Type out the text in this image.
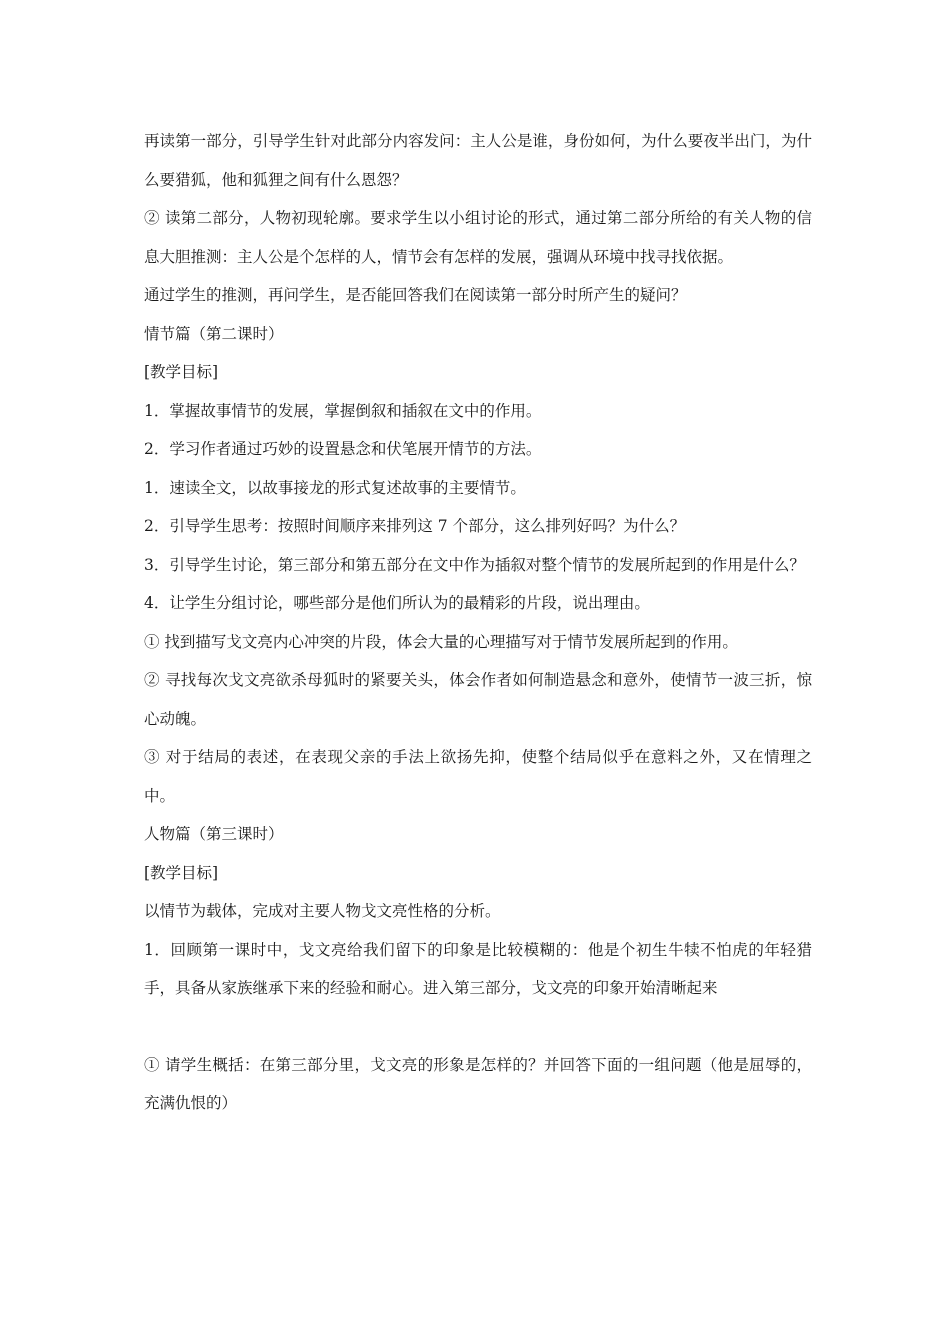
再读第一部分，引导学生针对此部分内容发问：主人公是谁，身份如何，为什么要夜半出门，为什么要猎狐，他和狐狸之间有什么恩怨？

② 读第二部分，人物初现轮廓。要求学生以小组讨论的形式，通过第二部分所给的有关人物的信息大胆推测：主人公是个怎样的人，情节会有怎样的发展，强调从环境中找寻找依据。

通过学生的推测，再问学生，是否能回答我们在阅读第一部分时所产生的疑问？

情节篇（第二课时）

[教学目标]

1．掌握故事情节的发展，掌握倒叙和插叙在文中的作用。

2．学习作者通过巧妙的设置悬念和伏笔展开情节的方法。

1．速读全文，以故事接龙的形式复述故事的主要情节。

2．引导学生思考：按照时间顺序来排列这 7 个部分，这么排列好吗？为什么？

3．引导学生讨论，第三部分和第五部分在文中作为插叙对整个情节的发展所起到的作用是什么？

4．让学生分组讨论，哪些部分是他们所认为的最精彩的片段，说出理由。

① 找到描写戈文亮内心冲突的片段，体会大量的心理描写对于情节发展所起到的作用。

② 寻找每次戈文亮欲杀母狐时的紧要关头，体会作者如何制造悬念和意外，使情节一波三折，惊心动魄。

③ 对于结局的表述，在表现父亲的手法上欲扬先抑，使整个结局似乎在意料之外，又在情理之中。

人物篇（第三课时）

[教学目标]

以情节为载体，完成对主要人物戈文亮性格的分析。

1．回顾第一课时中，戈文亮给我们留下的印象是比较模糊的：他是个初生牛犊不怕虎的年轻猎手，具备从家族继承下来的经验和耐心。进入第三部分，戈文亮的印象开始清晰起来

① 请学生概括：在第三部分里，戈文亮的形象是怎样的？并回答下面的一组问题（他是屈辱的，充满仇恨的）
